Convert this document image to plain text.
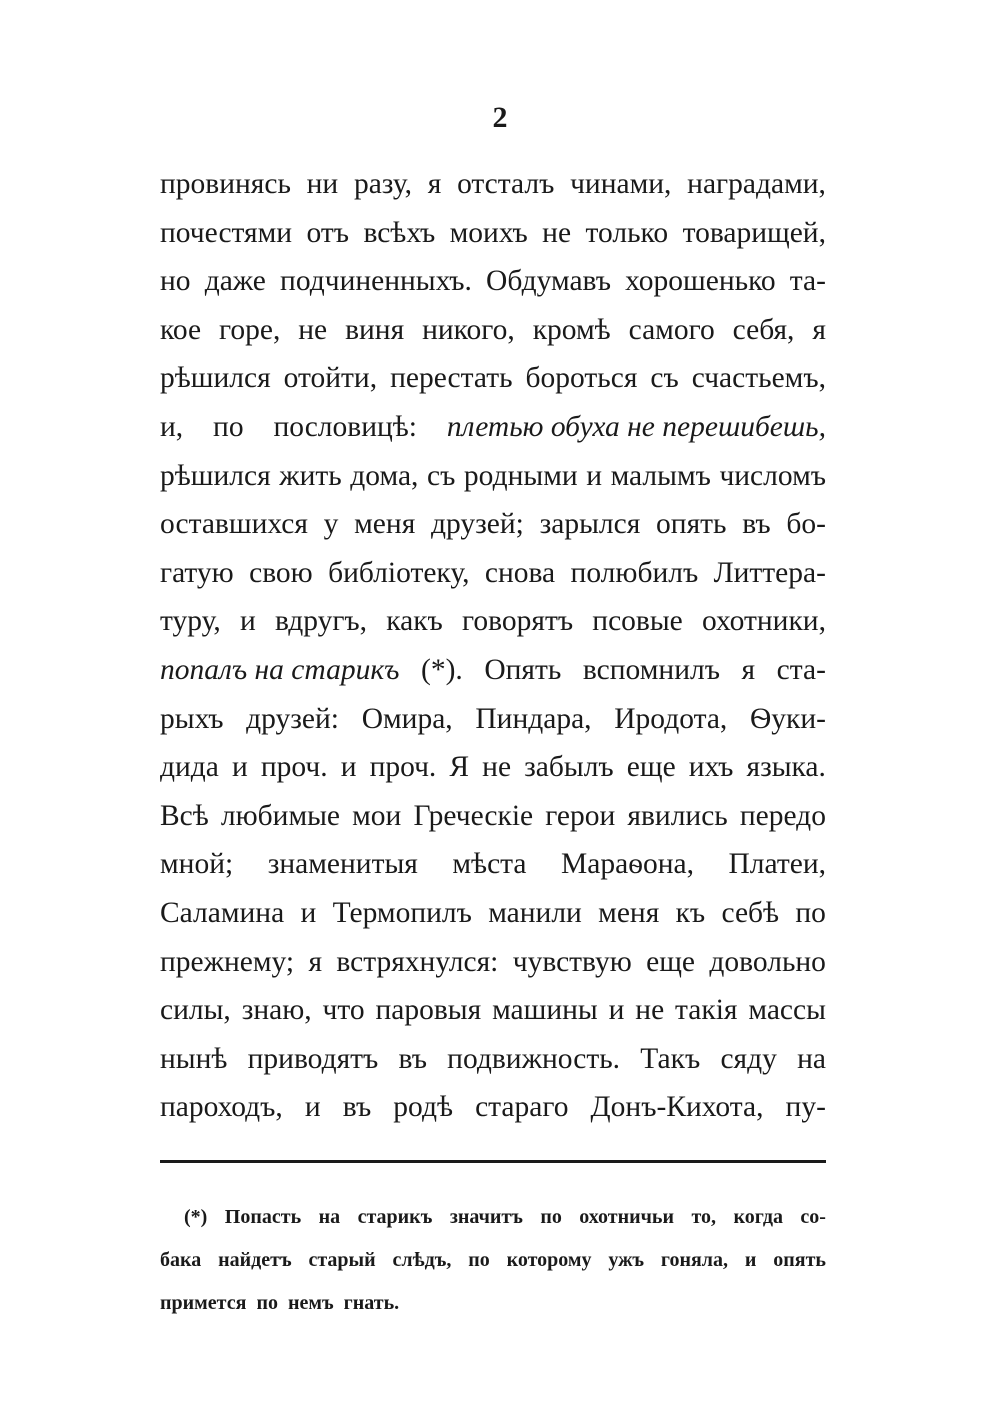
2
провинясь ни разу, я отсталъ чинами, наградами,
почестями отъ всѣхъ моихъ не только товарищей,
но даже подчиненныхъ. Обдумавъ хорошенько та-
кое горе, не виня никого, кромѣ самого себя, я
рѣшился отойти, перестать бороться съ счастьемъ,
и, по пословицѣ: плетью обуха не перешибешь,
рѣшился жить дома, съ родными и малымъ числомъ
оставшихся у меня друзей; зарылся опять въ бо-
гатую свою библіотеку, снова полюбилъ Литтера-
туру, и вдругъ, какъ говорятъ псовые охотники,
попалъ на старикъ (*). Опять вспомнилъ я ста-
рыхъ друзей: Омира, Пиндара, Иродота, Ѳуки-
дида и проч. и проч. Я не забылъ еще ихъ языка.
Всѣ любимые мои Греческіе герои явились передо
мной; знаменитыя мѣста Мараѳона, Платеи,
Саламина и Термопилъ манили меня къ себѣ по
прежнему; я встряхнулся: чувствую еще довольно
силы, знаю, что паровыя машины и не такія массы
нынѣ приводятъ въ подвижность. Такъ сяду на
пароходъ, и въ родѣ стараго Донъ-Кихота, пу-
(*) Попасть на старикъ значитъ по охотничьи то, когда со-
бака найдетъ старый слѣдъ, по которому ужъ гоняла, и опять
примется по немъ гнать.
